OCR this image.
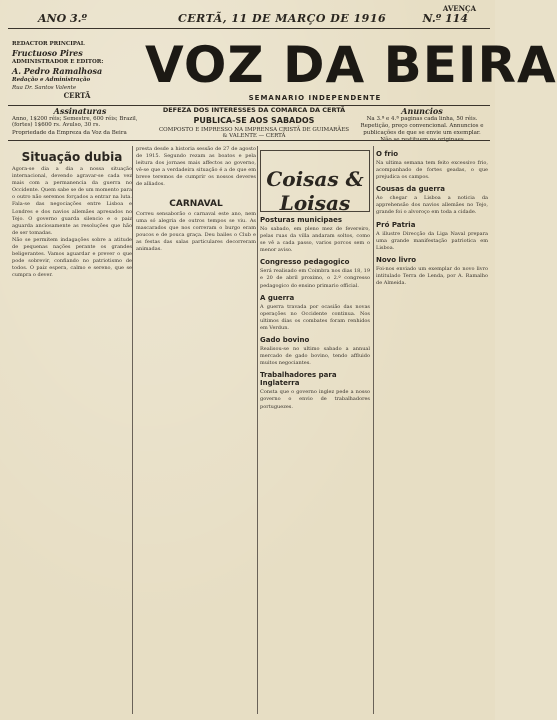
ANO 3.º	CERTÃ, 11 DE MARÇO DE 1916	N.º 114
AVENÇA
REDACTOR PRINCIPAL
Fructuoso Pires
ADMINISTRADOR E EDITOR:
A. Pedro Ramalhosa
Redação e Administração
Rua Dr. Santos Valente
CERTÃ
VOZ DA BEIRA
SEMANARIO INDEPENDENTE
Assinaturas
Anno, 1$200 réis; Semestre, 600 réis; Brazil, (fortes) 1$600 rs. Avulso, 30 rs.
Propriedade da Empreza da Voz da Beira
DEFEZA DOS INTERESSES DA COMARCA DA CERTÃ
PUBLICA-SE AOS SABADOS
COMPOSTO E IMPRESSO NA IMPRENSA CRISTÃ DE GUIMARÃES & VALENTE — CERTÃ
Anuncios
Na 3.ª e 4.ª paginas cada linha, 50 réis. Repetição, preço convencional. Annuncios e publicações de que se envie um exemplar.
Situação dubia

Agora-se dia a dia a nossa situação internacional, devendo agravar-se cada vez mais com a permanencia da guerra no Occidente. Quem sabe se de um momento para o outro não seremos forçados a entrar na luta. Fala-se das negociações entre Lisboa e Londres e dos navios allemães apresados no Tejo. O governo guarda silencio e o paiz aguarda anciosamente as resoluções que hão de ser tomadas.

Não se permitem indagações sobre a atitude de pequenas nações perante os grandes beligerantes. Vamos aguardar e prever o que pode sobrevir, confiando no patriotismo de todos. O paiz espera, calmo e sereno, que se cumpra o dever.

presta desde a historia sessão de 27 de agosto de 1915. Segundo rezam as boatos e pela leitura dos jornaes mais affectos ao governo, vê-se que a verdadeira situação é a de que em breve teremos de cumprir os nossos deveres de alliados.

CARNAVAL

Correu sensaborão o carnaval este ano, nem uma só alegria de outros tempos se viu. As mascarados que nos correram o burgo eram poucos e de pouca graça. Deu bailes o Club e as festas das salas particulares decorreram animadas.

Coisas & Loisas
Posturas municipaes

No sabado, em pleno mez de fevereiro, pelas ruas da villa andaram soltos, como se vê a cada passo, varios porcos sem o menor aviso.

Congresso pedagogico

Será realisado em Coimbra nos dias 18, 19 e 20 de abril proximo, o 2.º congresso pedagogico do ensino primario official.

A guerra

A guerra travada por ocasião das novas operações no Occidente continua. Nos ultimos dias os combates foram renhidos em Verdun.

Gado bovino

Realisou-se no ultimo sabado a annual mercado de gado bovino, tendo affluido muitos negociantes.

Trabalhadores para Inglaterra

Consta que o governo inglez pede a nosso governo o envio de trabalhadores portuguezes.

O frio

Na ultima semana tem feito excessivo frio, acompanhado de fortes geadas, o que prejudica os campos.

Cousas da guerra

Ao chegar a Lisboa a noticia da apprehensão dos navios allemães no Tejo, grande foi o alvoroço em toda a cidade.

Pró Patria

A illustre Direcção da Liga Naval prepara uma grande manifestação patriotica em Lisboa.

Novo livro

Foi-nos enviado um exemplar do novo livro intitulado Terra de Lenda, por A. Ramalho de Almeida.
